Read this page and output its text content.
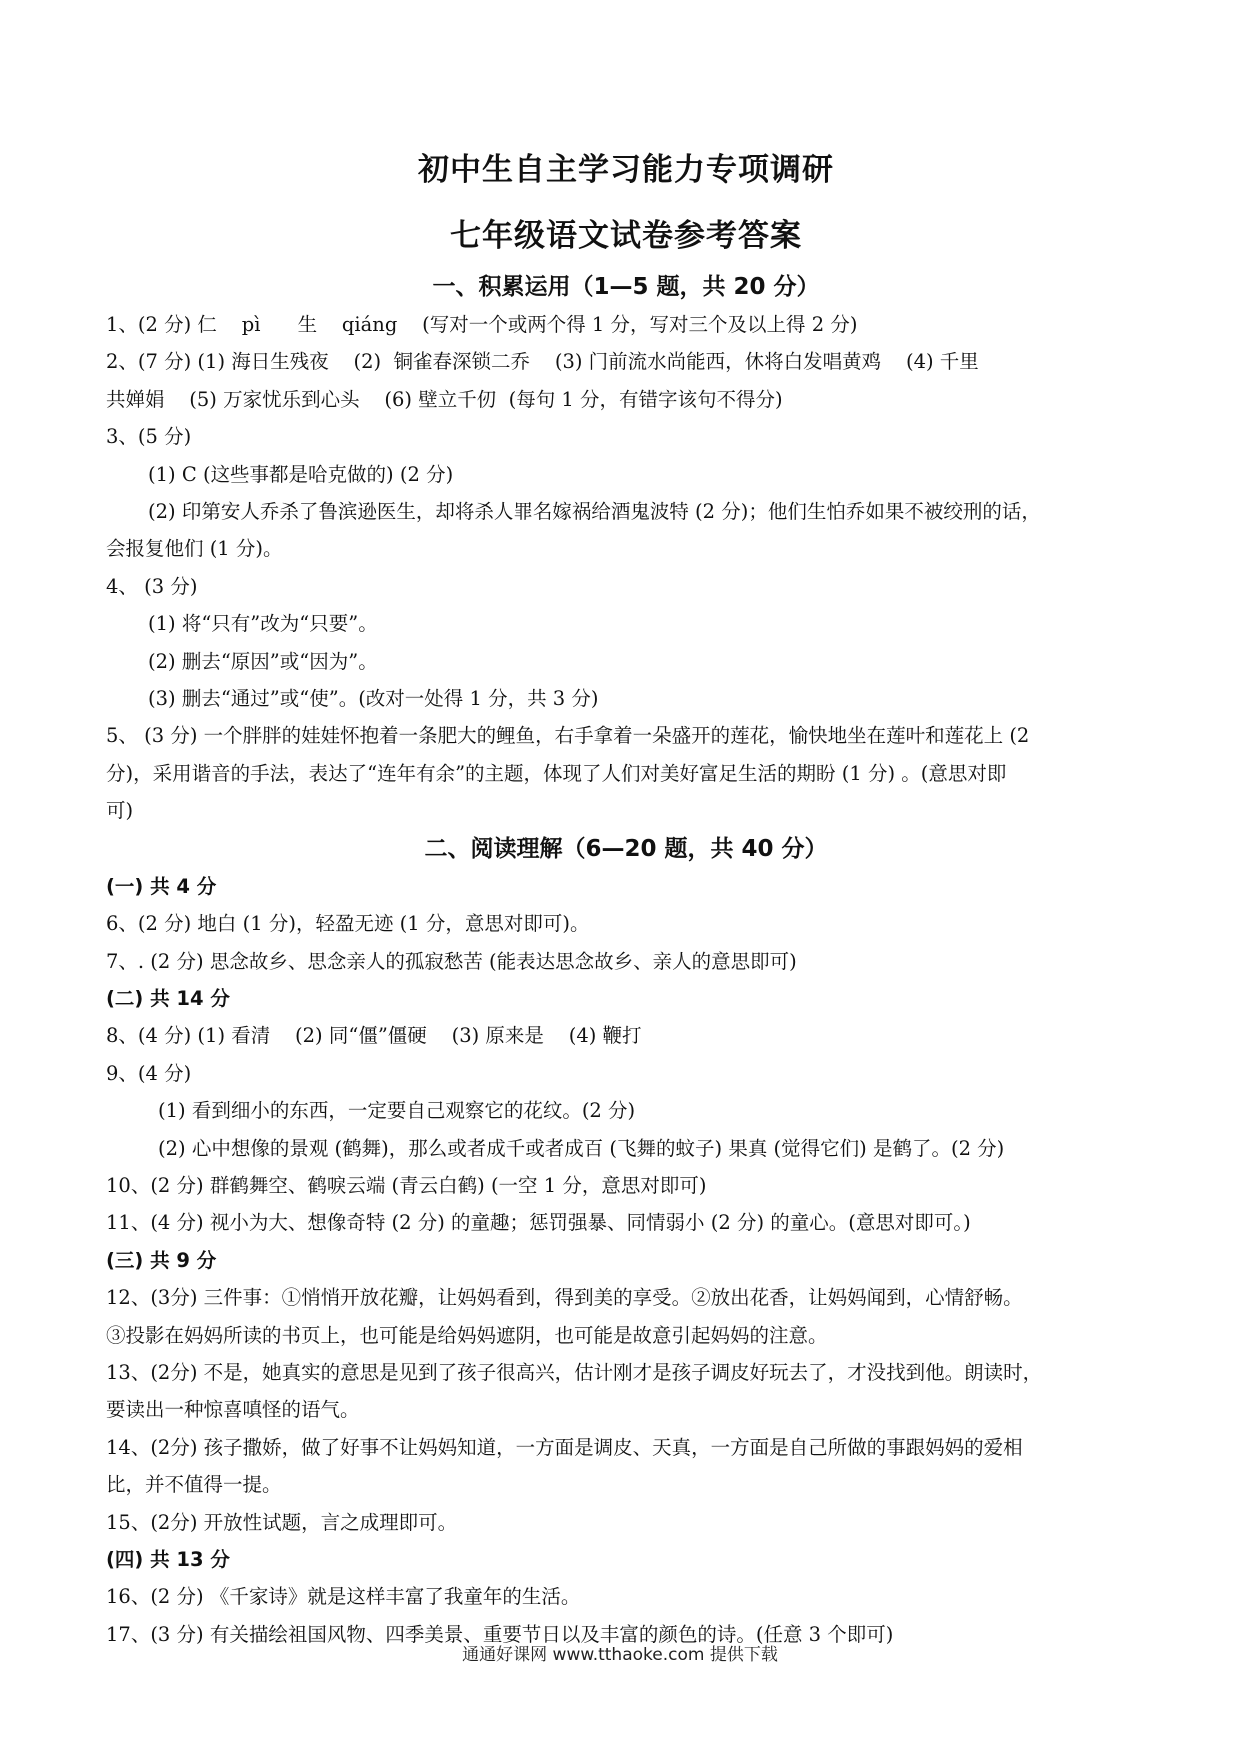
初中生自主学习能力专项调研

七年级语文试卷参考答案

一、积累运用（1—5 题，共 20 分）

1、(2 分) 仁    pì      生    qiáng    (写对一个或两个得 1 分，写对三个及以上得 2 分)

2、(7 分) (1) 海日生残夜    (2)  铜雀春深锁二乔    (3) 门前流水尚能西，休将白发唱黄鸡    (4) 千里

共婵娟    (5) 万家忧乐到心头    (6) 壁立千仞  (每句 1 分，有错字该句不得分)

3、(5 分)

(1) C (这些事都是哈克做的) (2 分)

(2) 印第安人乔杀了鲁滨逊医生，却将杀人罪名嫁祸给酒鬼波特 (2 分)；他们生怕乔如果不被绞刑的话，

会报复他们 (1 分)。

4、 (3 分)

(1) 将“只有”改为“只要”。

(2) 删去“原因”或“因为”。

(3) 删去“通过”或“使”。(改对一处得 1 分，共 3 分)

5、 (3 分) 一个胖胖的娃娃怀抱着一条肥大的鲤鱼，右手拿着一朵盛开的莲花，愉快地坐在莲叶和莲花上 (2

分)，采用谐音的手法，表达了“连年有余”的主题，体现了人们对美好富足生活的期盼 (1 分) 。(意思对即

可)

二、阅读理解（6—20 题，共 40 分）

(一) 共 4 分

6、(2 分) 地白 (1 分)，轻盈无迹 (1 分，意思对即可)。

7、. (2 分) 思念故乡、思念亲人的孤寂愁苦 (能表达思念故乡、亲人的意思即可)

(二) 共 14 分

8、(4 分) (1) 看清    (2) 同“僵”僵硬    (3) 原来是    (4) 鞭打

9、(4 分)

(1) 看到细小的东西，一定要自己观察它的花纹。(2 分)

(2) 心中想像的景观 (鹤舞)，那么或者成千或者成百 (飞舞的蚊子) 果真 (觉得它们) 是鹤了。(2 分)

10、(2 分) 群鹤舞空、鹤唳云端 (青云白鹤) (一空 1 分，意思对即可)

11、(4 分) 视小为大、想像奇特 (2 分) 的童趣；惩罚强暴、同情弱小 (2 分) 的童心。(意思对即可。)

(三) 共 9 分

12、(3分) 三件事：①悄悄开放花瓣，让妈妈看到，得到美的享受。②放出花香，让妈妈闻到，心情舒畅。

③投影在妈妈所读的书页上，也可能是给妈妈遮阴，也可能是故意引起妈妈的注意。

13、(2分) 不是，她真实的意思是见到了孩子很高兴，估计刚才是孩子调皮好玩去了，才没找到他。朗读时，

要读出一种惊喜嗔怪的语气。

14、(2分) 孩子撒娇，做了好事不让妈妈知道，一方面是调皮、天真，一方面是自己所做的事跟妈妈的爱相

比，并不值得一提。

15、(2分) 开放性试题，言之成理即可。

(四) 共 13 分

16、(2 分) 《千家诗》就是这样丰富了我童年的生活。

17、(3 分) 有关描绘祖国风物、四季美景、重要节日以及丰富的颜色的诗。(任意 3 个即可)

通通好课网 www.tthaoke.com 提供下载
